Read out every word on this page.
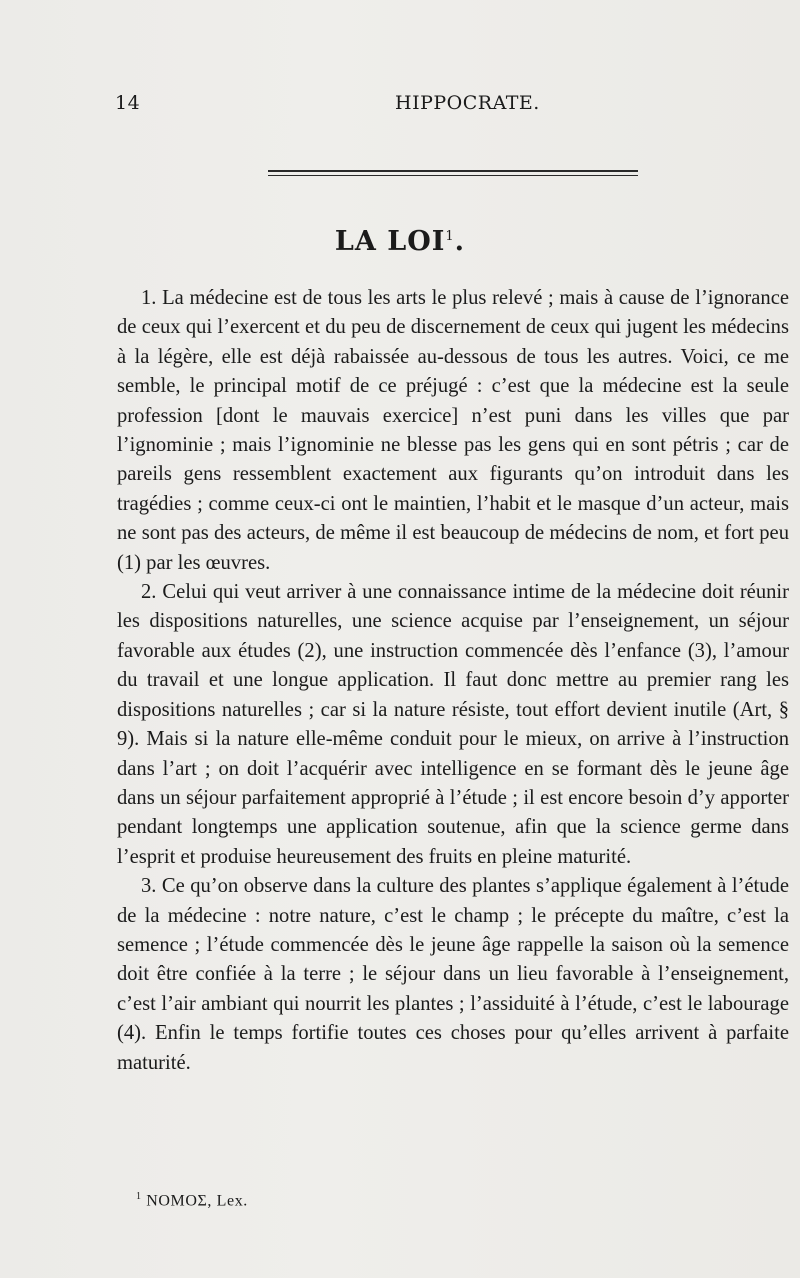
14	HIPPOCRATE.
LA LOI$^1$.

1. La médecine est de tous les arts le plus relevé ; mais à cause de l’ignorance de ceux qui l’exercent et du peu de discernement de ceux qui jugent les médecins à la légère, elle est déjà rabaissée au-dessous de tous les autres. Voici, ce me semble, le principal motif de ce préjugé : c’est que la médecine est la seule profession [dont le mauvais exercice] n’est puni dans les villes que par l’ignominie ; mais l’ignominie ne blesse pas les gens qui en sont pétris ; car de pareils gens ressemblent exactement aux figurants qu’on introduit dans les tragédies ; comme ceux-ci ont le maintien, l’habit et le masque d’un acteur, mais ne sont pas des acteurs, de même il est beaucoup de médecins de nom, et fort peu (1) par les œuvres.

2. Celui qui veut arriver à une connaissance intime de la médecine doit réunir les dispositions naturelles, une science acquise par l’enseignement, un séjour favorable aux études (2), une instruction commencée dès l’enfance (3), l’amour du travail et une longue application. Il faut donc mettre au premier rang les dispositions naturelles ; car si la nature résiste, tout effort devient inutile (Art, § 9). Mais si la nature elle-même conduit pour le mieux, on arrive à l’instruction dans l’art ; on doit l’acquérir avec intelligence en se formant dès le jeune âge dans un séjour parfaitement approprié à l’étude ; il est encore besoin d’y apporter pendant longtemps une application soutenue, afin que la science germe dans l’esprit et produise heureusement des fruits en pleine maturité.

3. Ce qu’on observe dans la culture des plantes s’applique également à l’étude de la médecine : notre nature, c’est le champ ; le précepte du maître, c’est la semence ; l’étude commencée dès le jeune âge rappelle la saison où la semence doit être confiée à la terre ; le séjour dans un lieu favorable à l’enseignement, c’est l’air ambiant qui nourrit les plantes ; l’assiduité à l’étude, c’est le labourage (4). Enfin le temps fortifie toutes ces choses pour qu’elles arrivent à parfaite maturité.

$^1$ ΝΟΜΟΣ, Lex.
